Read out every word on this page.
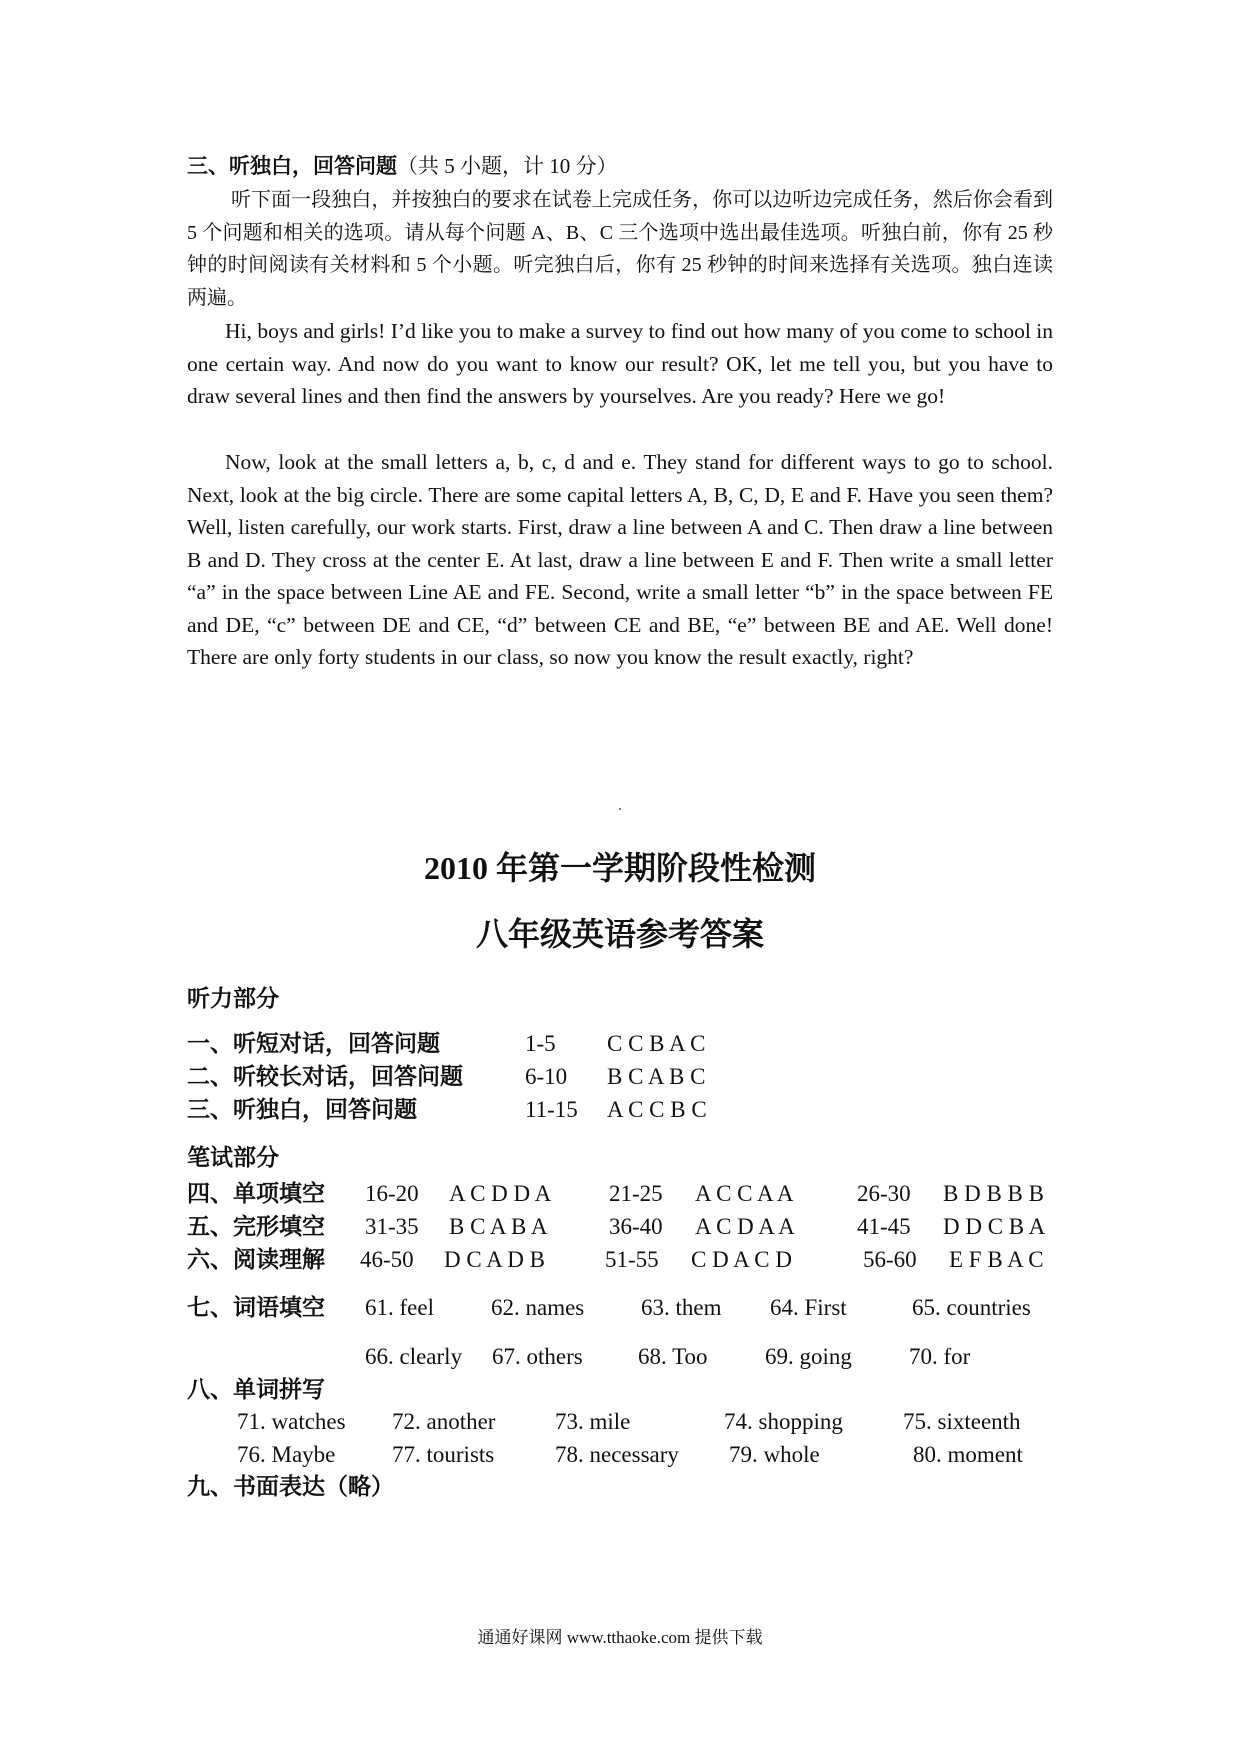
三、听独白，回答问题（共 5 小题，计 10 分）
听下面一段独白，并按独白的要求在试卷上完成任务，你可以边听边完成任务，然后你会看到 5 个问题和相关的选项。请从每个问题 A、B、C 三个选项中选出最佳选项。听独白前，你有 25 秒钟的时间阅读有关材料和 5 个小题。听完独白后，你有 25 秒钟的时间来选择有关选项。独白连读两遍。
Hi, boys and girls! I’d like you to make a survey to find out how many of you come to school in one certain way. And now do you want to know our result? OK, let me tell you, but you have to draw several lines and then find the answers by yourselves. Are you ready? Here we go!
Now, look at the small letters a, b, c, d and e. They stand for different ways to go to school. Next, look at the big circle. There are some capital letters A, B, C, D, E and F. Have you seen them? Well, listen carefully, our work starts. First, draw a line between A and C. Then draw a line between B and D. They cross at the center E. At last, draw a line between E and F. Then write a small letter “a” in the space between Line AE and FE. Second, write a small letter “b” in the space between FE and DE, “c” between DE and CE, “d” between CE and BE, “e” between BE and AE. Well done! There are only forty students in our class, so now you know the result exactly, right?
2010 年第一学期阶段性检测
八年级英语参考答案
听力部分
一、听短对话，回答问题	1-5 C C B A C
二、听较长对话，回答问题	6-10 B C A B C
三、听独白，回答问题	11-15 A C C B C
笔试部分
四、单项填空 16-20 A C D D A	21-25 A C C A A	26-30 B D B B B
五、完形填空 31-35 B C A B A	36-40 A C D A A	41-45 D D C B A
六、阅读理解 46-50 D C A D B	51-55 C D A C D	56-60 E F B A C
七、词语填空 61. feel 62. names 63. them 64. First	65. countries
66. clearly 67. others 68. Too 69. going 70. for
八、单词拼写
71. watches 72. another	73. mile	74. shopping	75. sixteenth
76. Maybe 77. tourists	78. necessary 79. whole	80. moment
九、书面表达（略）
通通好课网 www.tthaoke.com 提供下载
